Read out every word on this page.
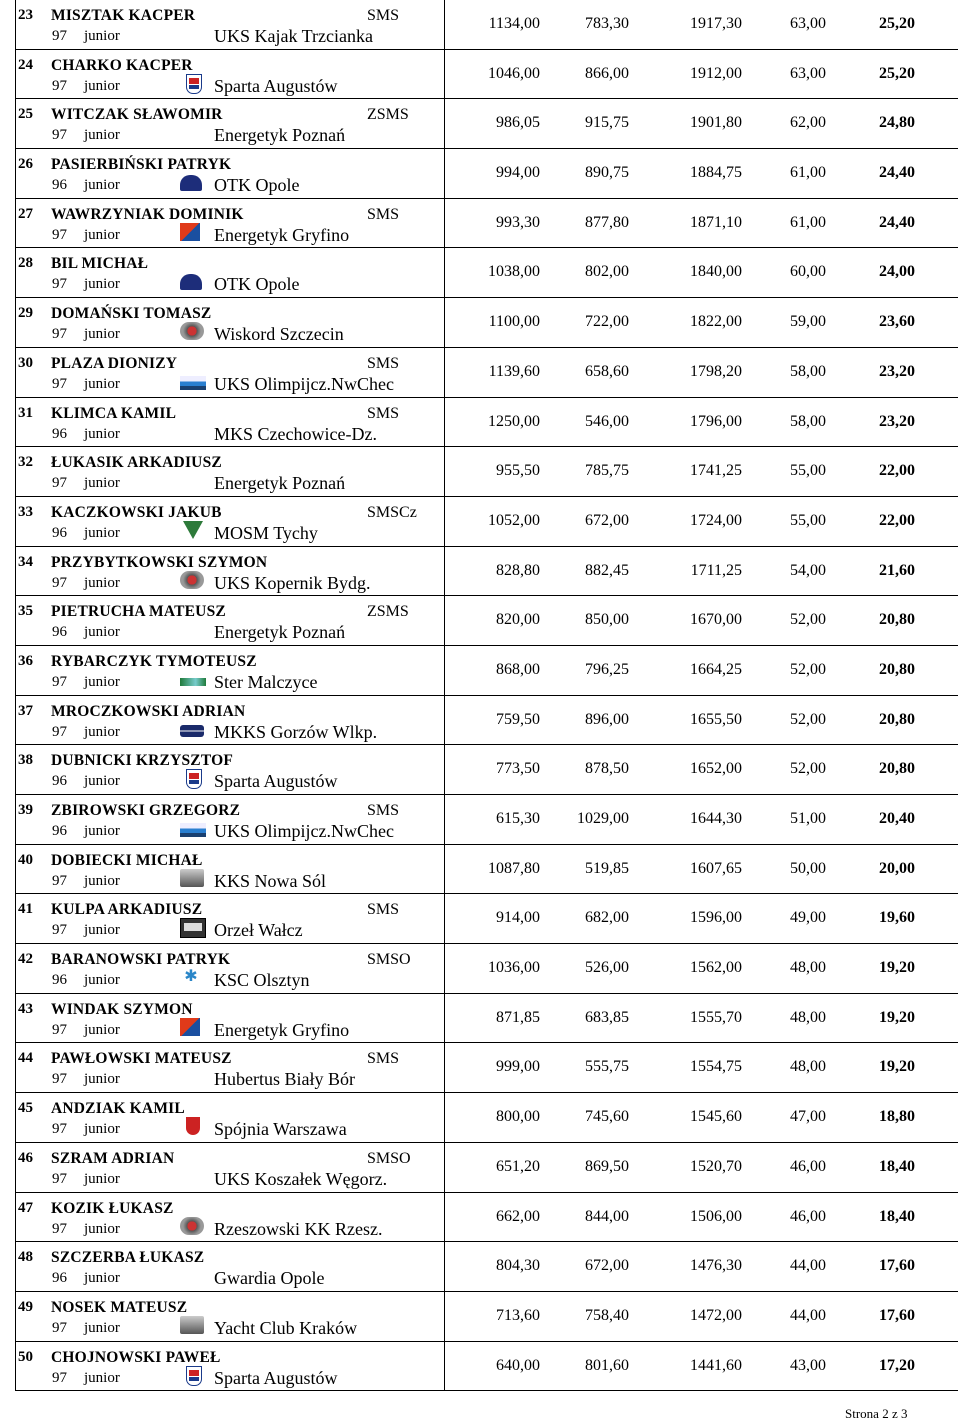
23 MISZTAK KACPER	SMS
97 junior	UKS Kajak Trzcianka
1134,00	783,30	1917,30	63,00	25,20
24 CHARKO KACPER
97 junior	Sparta Augustów
1046,00	866,00	1912,00	63,00	25,20
25 WITCZAK SŁAWOMIR	ZSMS
97 junior	Energetyk Poznań
986,05	915,75	1901,80	62,00	24,80
26 PASIERBIŃSKI PATRYK
96 junior	OTK Opole
994,00	890,75	1884,75	61,00	24,40
27 WAWRZYNIAK DOMINIK	SMS
97 junior	Energetyk Gryfino
993,30	877,80	1871,10	61,00	24,40
28 BIL MICHAŁ
97 junior	OTK Opole
1038,00	802,00	1840,00	60,00	24,00
29 DOMAŃSKI TOMASZ
97 junior	Wiskord Szczecin
1100,00	722,00	1822,00	59,00	23,60
30 PLAZA DIONIZY	SMS
97 junior	UKS Olimpijcz.NwChec
1139,60	658,60	1798,20	58,00	23,20
31 KLIMCA KAMIL	SMS
96 junior	MKS Czechowice-Dz.
1250,00	546,00	1796,00	58,00	23,20
32 ŁUKASIK ARKADIUSZ
97 junior	Energetyk Poznań
955,50	785,75	1741,25	55,00	22,00
33 KACZKOWSKI JAKUB	SMSCz
96 junior	MOSM Tychy
1052,00	672,00	1724,00	55,00	22,00
34 PRZYBYTKOWSKI SZYMON
97 junior	UKS Kopernik Bydg.
828,80	882,45	1711,25	54,00	21,60
35 PIETRUCHA MATEUSZ	ZSMS
96 junior	Energetyk Poznań
820,00	850,00	1670,00	52,00	20,80
36 RYBARCZYK TYMOTEUSZ
97 junior	Ster Malczyce
868,00	796,25	1664,25	52,00	20,80
37 MROCZKOWSKI ADRIAN
97 junior	MKKS Gorzów Wlkp.
759,50	896,00	1655,50	52,00	20,80
38 DUBNICKI KRZYSZTOF
96 junior	Sparta Augustów
773,50	878,50	1652,00	52,00	20,80
39 ZBIROWSKI GRZEGORZ	SMS
96 junior	UKS Olimpijcz.NwChec
615,30	1029,00	1644,30	51,00	20,40
40 DOBIECKI MICHAŁ
97 junior	KKS Nowa Sól
1087,80	519,85	1607,65	50,00	20,00
41 KULPA ARKADIUSZ	SMS
97 junior	Orzeł Wałcz
914,00	682,00	1596,00	49,00	19,60
42 BARANOWSKI PATRYK	SMSO
96 junior	KSC Olsztyn
1036,00	526,00	1562,00	48,00	19,20
✱
43 WINDAK SZYMON
97 junior	Energetyk Gryfino
871,85	683,85	1555,70	48,00	19,20
44 PAWŁOWSKI MATEUSZ	SMS
97 junior	Hubertus Biały Bór
999,00	555,75	1554,75	48,00	19,20
45 ANDZIAK KAMIL
97 junior	Spójnia Warszawa
800,00	745,60	1545,60	47,00	18,80
46 SZRAM ADRIAN	SMSO
97 junior	UKS Koszałek Węgorz.
651,20	869,50	1520,70	46,00	18,40
47 KOZIK ŁUKASZ
97 junior	Rzeszowski KK Rzesz.
662,00	844,00	1506,00	46,00	18,40
48 SZCZERBA ŁUKASZ
96 junior	Gwardia Opole
804,30	672,00	1476,30	44,00	17,60
49 NOSEK MATEUSZ
97 junior	Yacht Club Kraków
713,60	758,40	1472,00	44,00	17,60
50 CHOJNOWSKI PAWEŁ
97 junior	Sparta Augustów
640,00	801,60	1441,60	43,00	17,20
Strona 2 z 3
